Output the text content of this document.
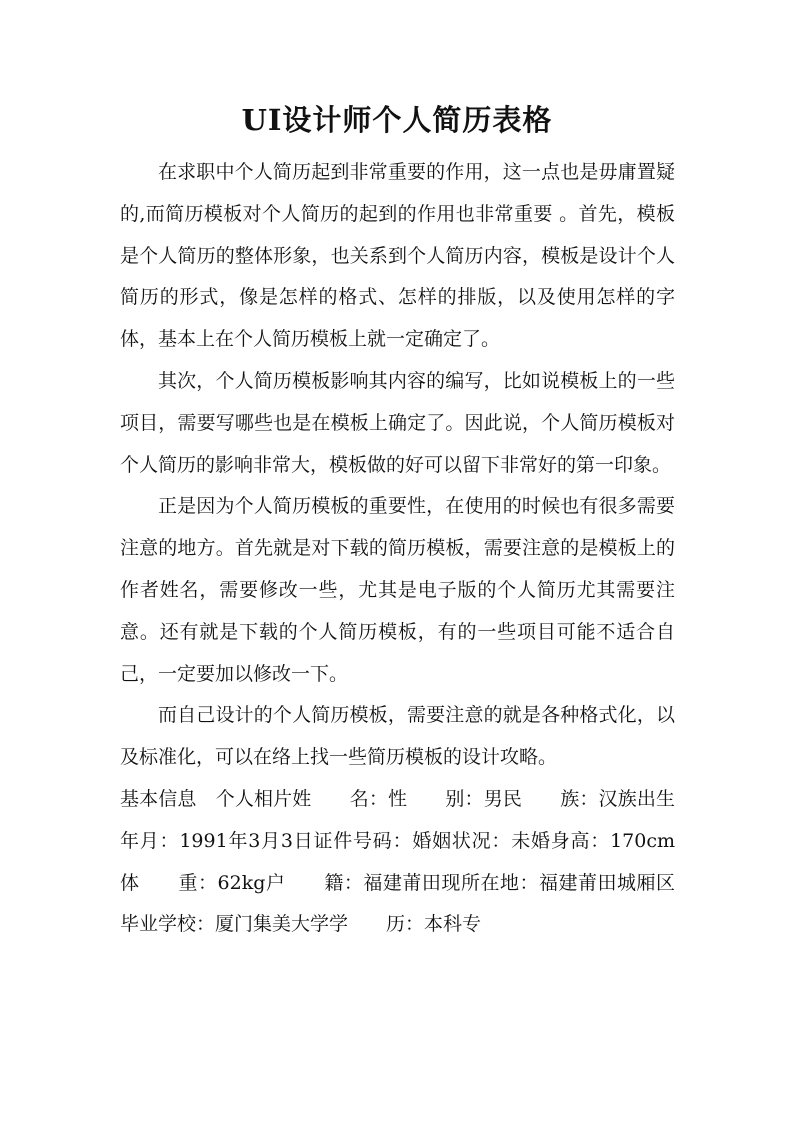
UI设计师个人简历表格

在求职中个人简历起到非常重要的作用，这一点也是毋庸置疑的,而简历模板对个人简历的起到的作用也非常重要 。首先，模板是个人简历的整体形象，也关系到个人简历内容，模板是设计个人简历的形式，像是怎样的格式、怎样的排版，以及使用怎样的字体，基本上在个人简历模板上就一定确定了。

其次，个人简历模板影响其内容的编写，比如说模板上的一些项目，需要写哪些也是在模板上确定了。因此说，个人简历模板对个人简历的影响非常大，模板做的好可以留下非常好的第一印象。

正是因为个人简历模板的重要性，在使用的时候也有很多需要注意的地方。首先就是对下载的简历模板，需要注意的是模板上的作者姓名，需要修改一些，尤其是电子版的个人简历尤其需要注意。还有就是下载的个人简历模板，有的一些项目可能不适合自己，一定要加以修改一下。

而自己设计的个人简历模板，需要注意的就是各种格式化，以及标准化，可以在络上找一些简历模板的设计攻略。

基本信息　个人相片姓　　名：性　　别：男民　　族：汉族出生年月：1991年3月3日证件号码：婚姻状况：未婚身高：170cm体　　重：62kg户　　籍：福建莆田现所在地：福建莆田城厢区毕业学校：厦门集美大学学　　历：本科专
